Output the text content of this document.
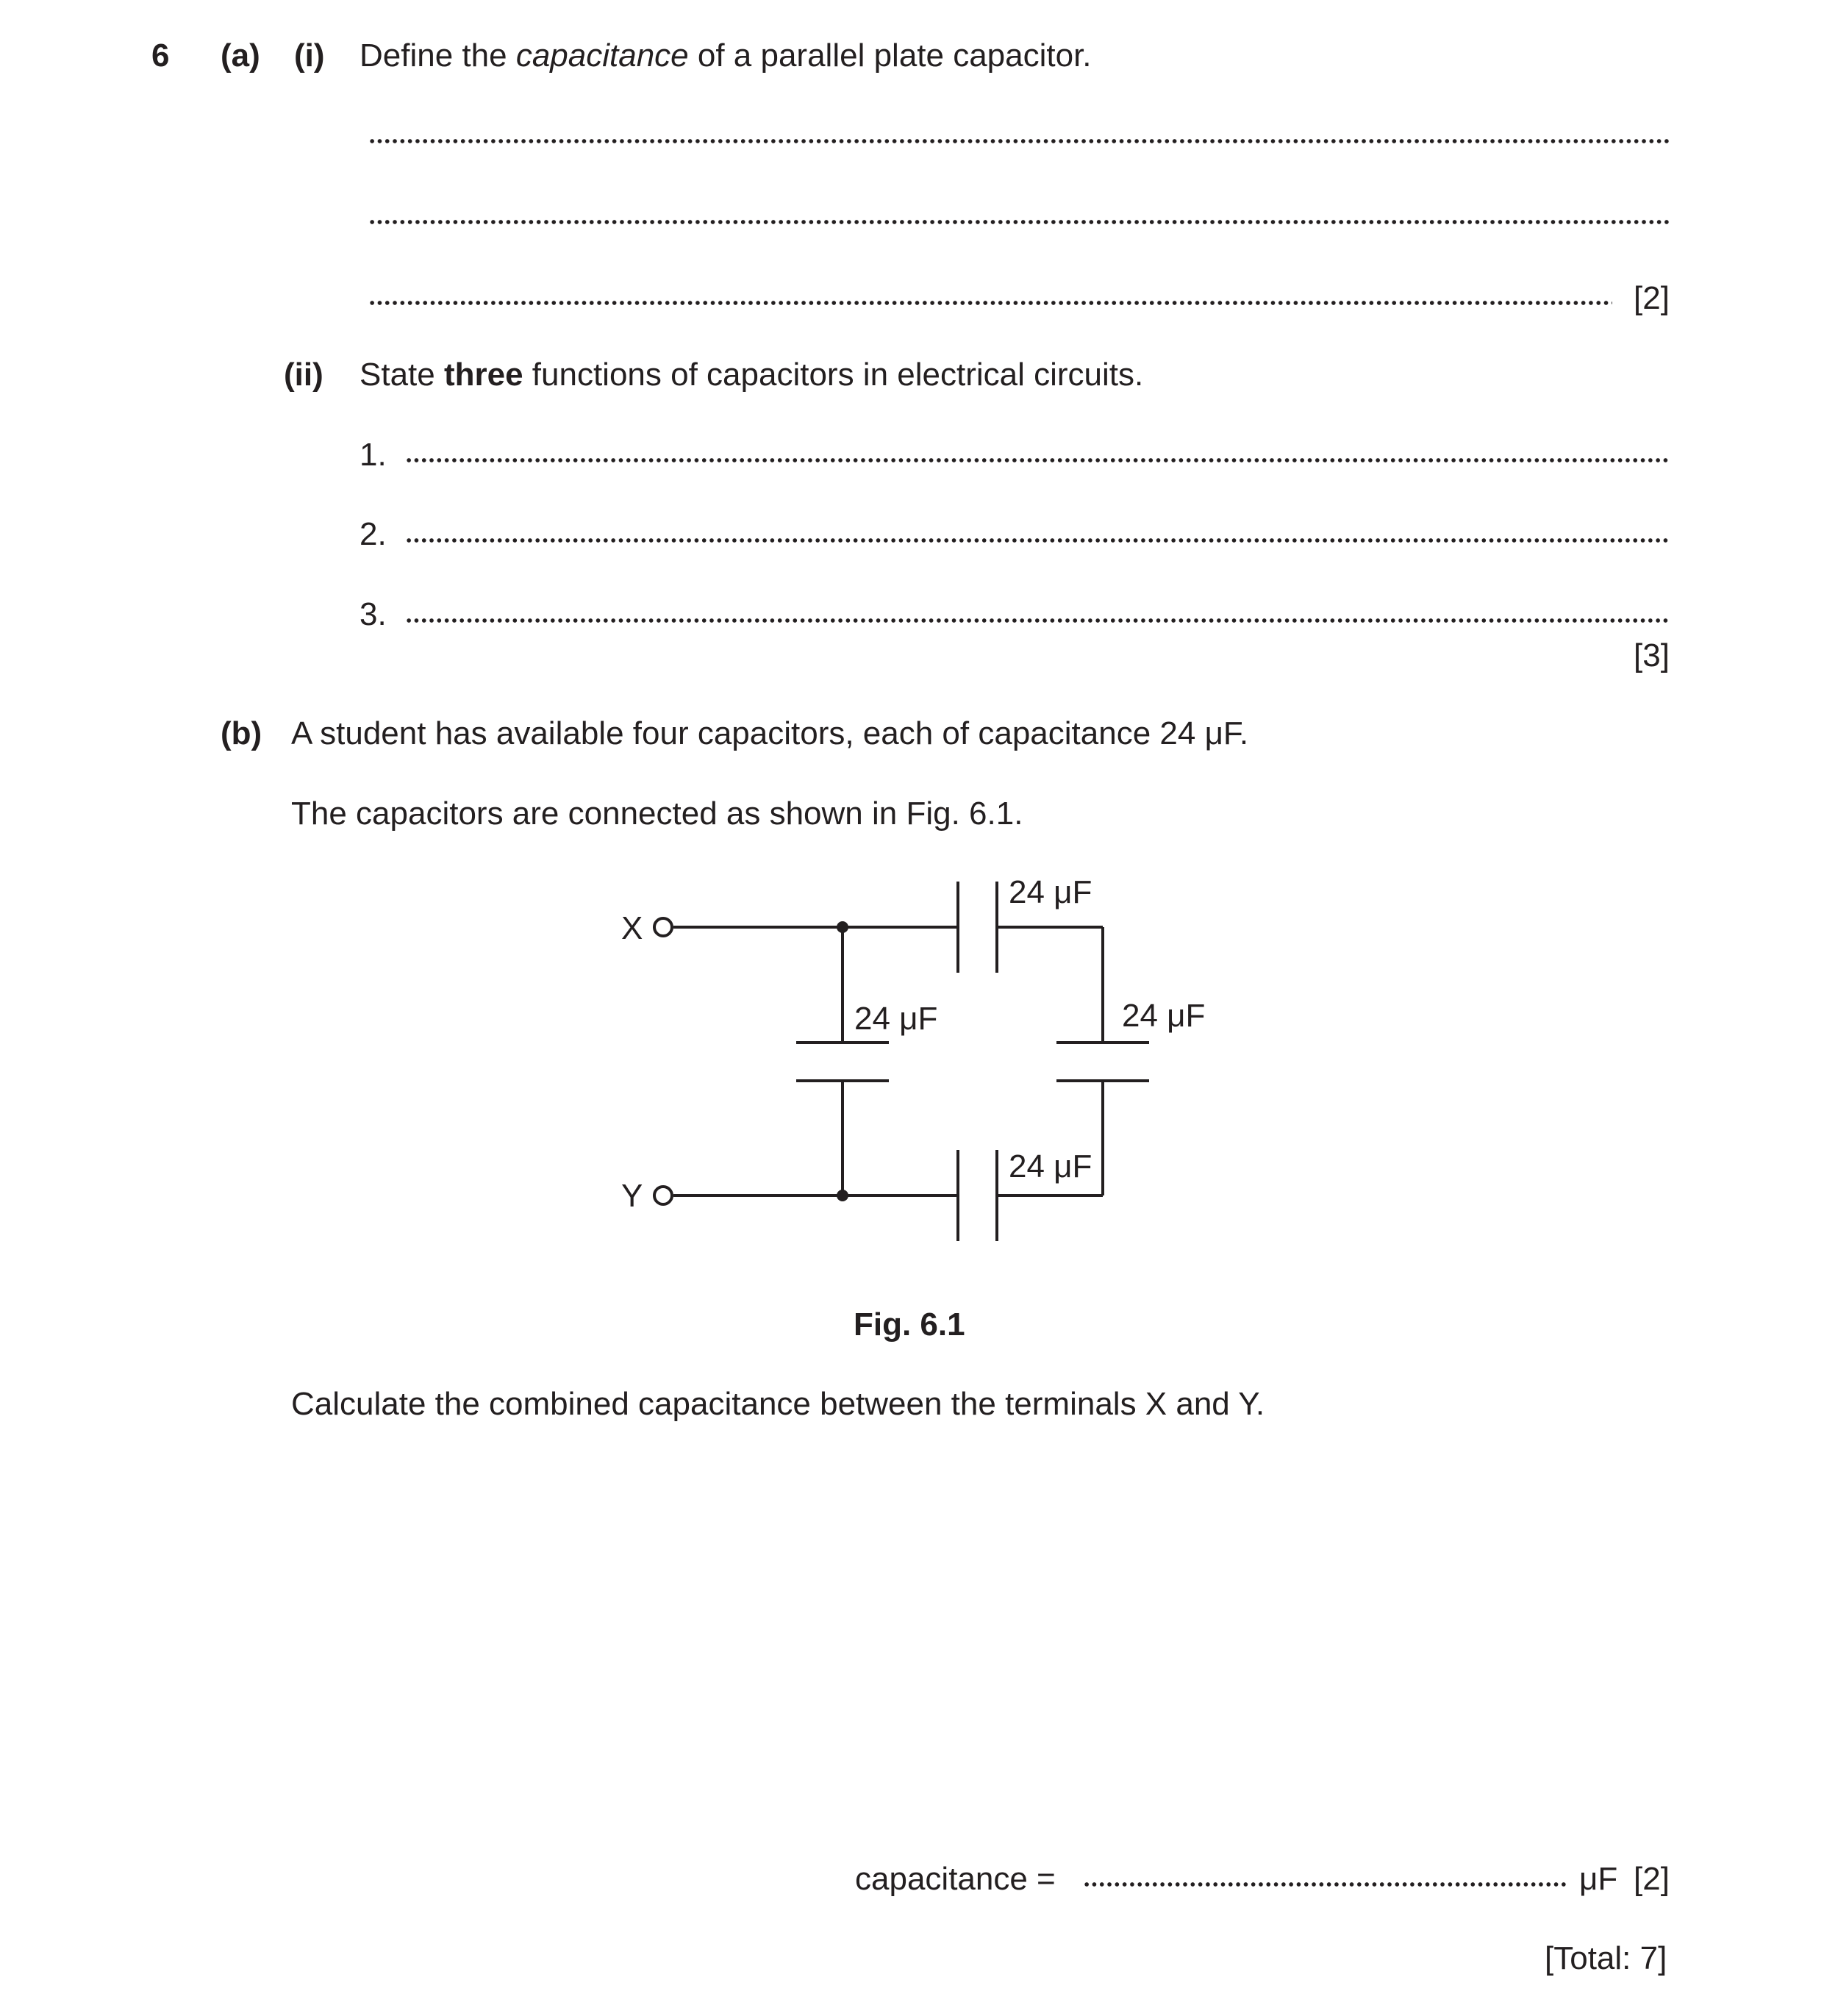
6 (a) (i) Define the capacitance of a parallel plate capacitor.
[2]
(ii) State three functions of capacitors in electrical circuits.
1.
2.
3.
[3]
(b) A student has available four capacitors, each of capacitance 24 μF.
The capacitors are connected as shown in Fig. 6.1.
X
Y
24 μF
24 μF	24 μF
24 μF
Fig. 6.1
Calculate the combined capacitance between the terminals X and Y.
capacitance =	μF [2]
[Total: 7]
